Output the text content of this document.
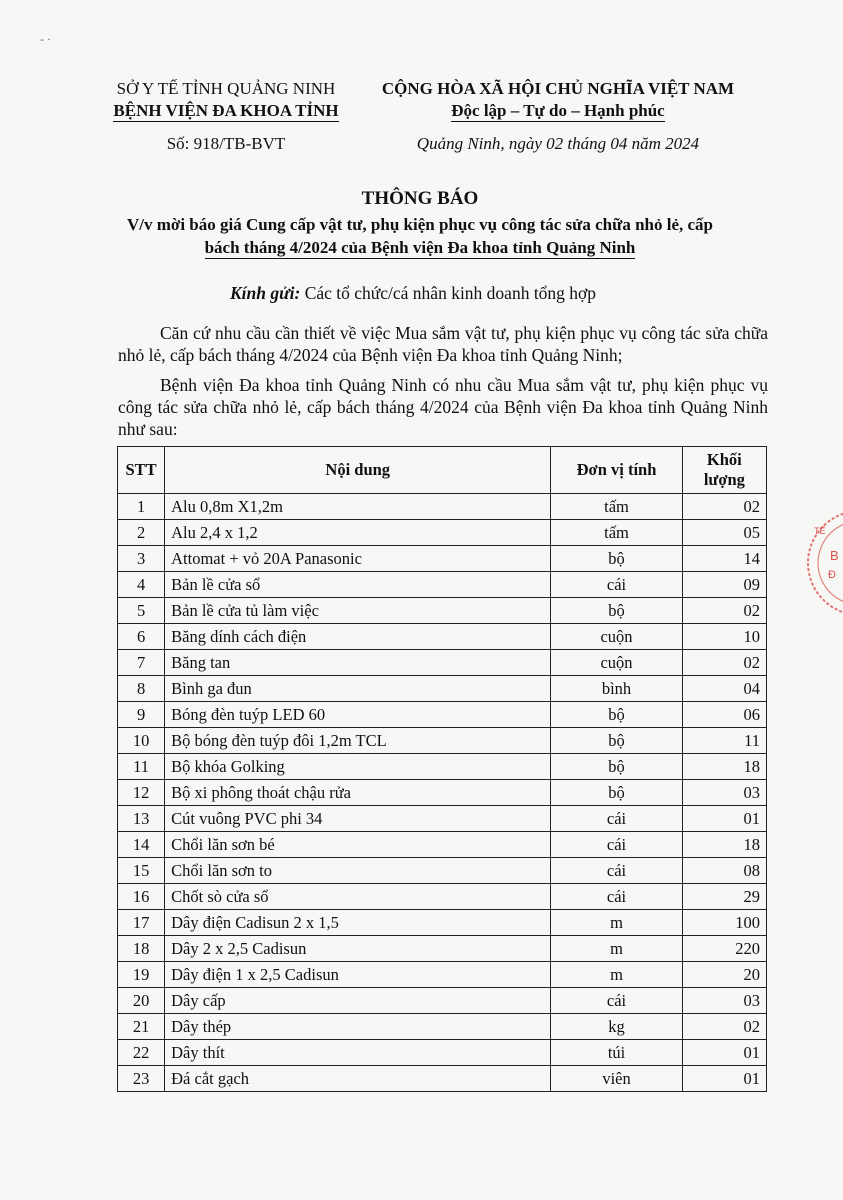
- ·
SỞ Y TẾ TỈNH QUẢNG NINH
BỆNH VIỆN ĐA KHOA TỈNH
CỘNG HÒA XÃ HỘI CHỦ NGHĨA VIỆT NAM
Độc lập – Tự do – Hạnh phúc
Số: 918/TB-BVT	Quảng Ninh, ngày 02 tháng 04 năm 2024
THÔNG BÁO
V/v mời báo giá Cung cấp vật tư, phụ kiện phục vụ công tác sửa chữa nhỏ lẻ, cấp
bách tháng 4/2024 của Bệnh viện Đa khoa tỉnh Quảng Ninh
Kính gửi: Các tổ chức/cá nhân kinh doanh tổng hợp
Căn cứ nhu cầu cần thiết về việc Mua sắm vật tư, phụ kiện phục vụ công tác sửa chữa nhỏ lẻ, cấp bách tháng 4/2024 của Bệnh viện Đa khoa tỉnh Quảng Ninh;
Bệnh viện Đa khoa tỉnh Quảng Ninh có nhu cầu Mua sắm vật tư, phụ kiện phục vụ công tác sửa chữa nhỏ lẻ, cấp bách tháng 4/2024 của Bệnh viện Đa khoa tỉnh Quảng Ninh như sau:
STT	Nội dung	Đơn vị tính	Khối
lượng

1	Alu 0,8m X1,2m	tấm	02
2	Alu 2,4 x 1,2	tấm	05
3	Attomat + vỏ 20A Panasonic	bộ	14
4	Bản lề cửa sổ	cái	09
5	Bản lề cửa tủ làm việc	bộ	02
6	Băng dính cách điện	cuộn	10
7	Băng tan	cuộn	02
8	Bình ga đun	bình	04
9	Bóng đèn tuýp LED 60	bộ	06
10	Bộ bóng đèn tuýp đôi 1,2m TCL	bộ	11
11	Bộ khóa Golking	bộ	18
12	Bộ xi phông thoát chậu rửa	bộ	03
13	Cút vuông PVC phi 34	cái	01
14	Chổi lăn sơn bé	cái	18
15	Chổi lăn sơn to	cái	08
16	Chốt sò cửa sổ	cái	29
17	Dây điện Cadisun 2 x 1,5	m	100
18	Dây 2 x 2,5 Cadisun	m	220
19	Dây điện 1 x 2,5 Cadisun	m	20
20	Dây cấp	cái	03
21	Dây thép	kg	02
22	Dây thít	túi	01
23	Đá cắt gạch	viên	01
B
Đ
TẾ
